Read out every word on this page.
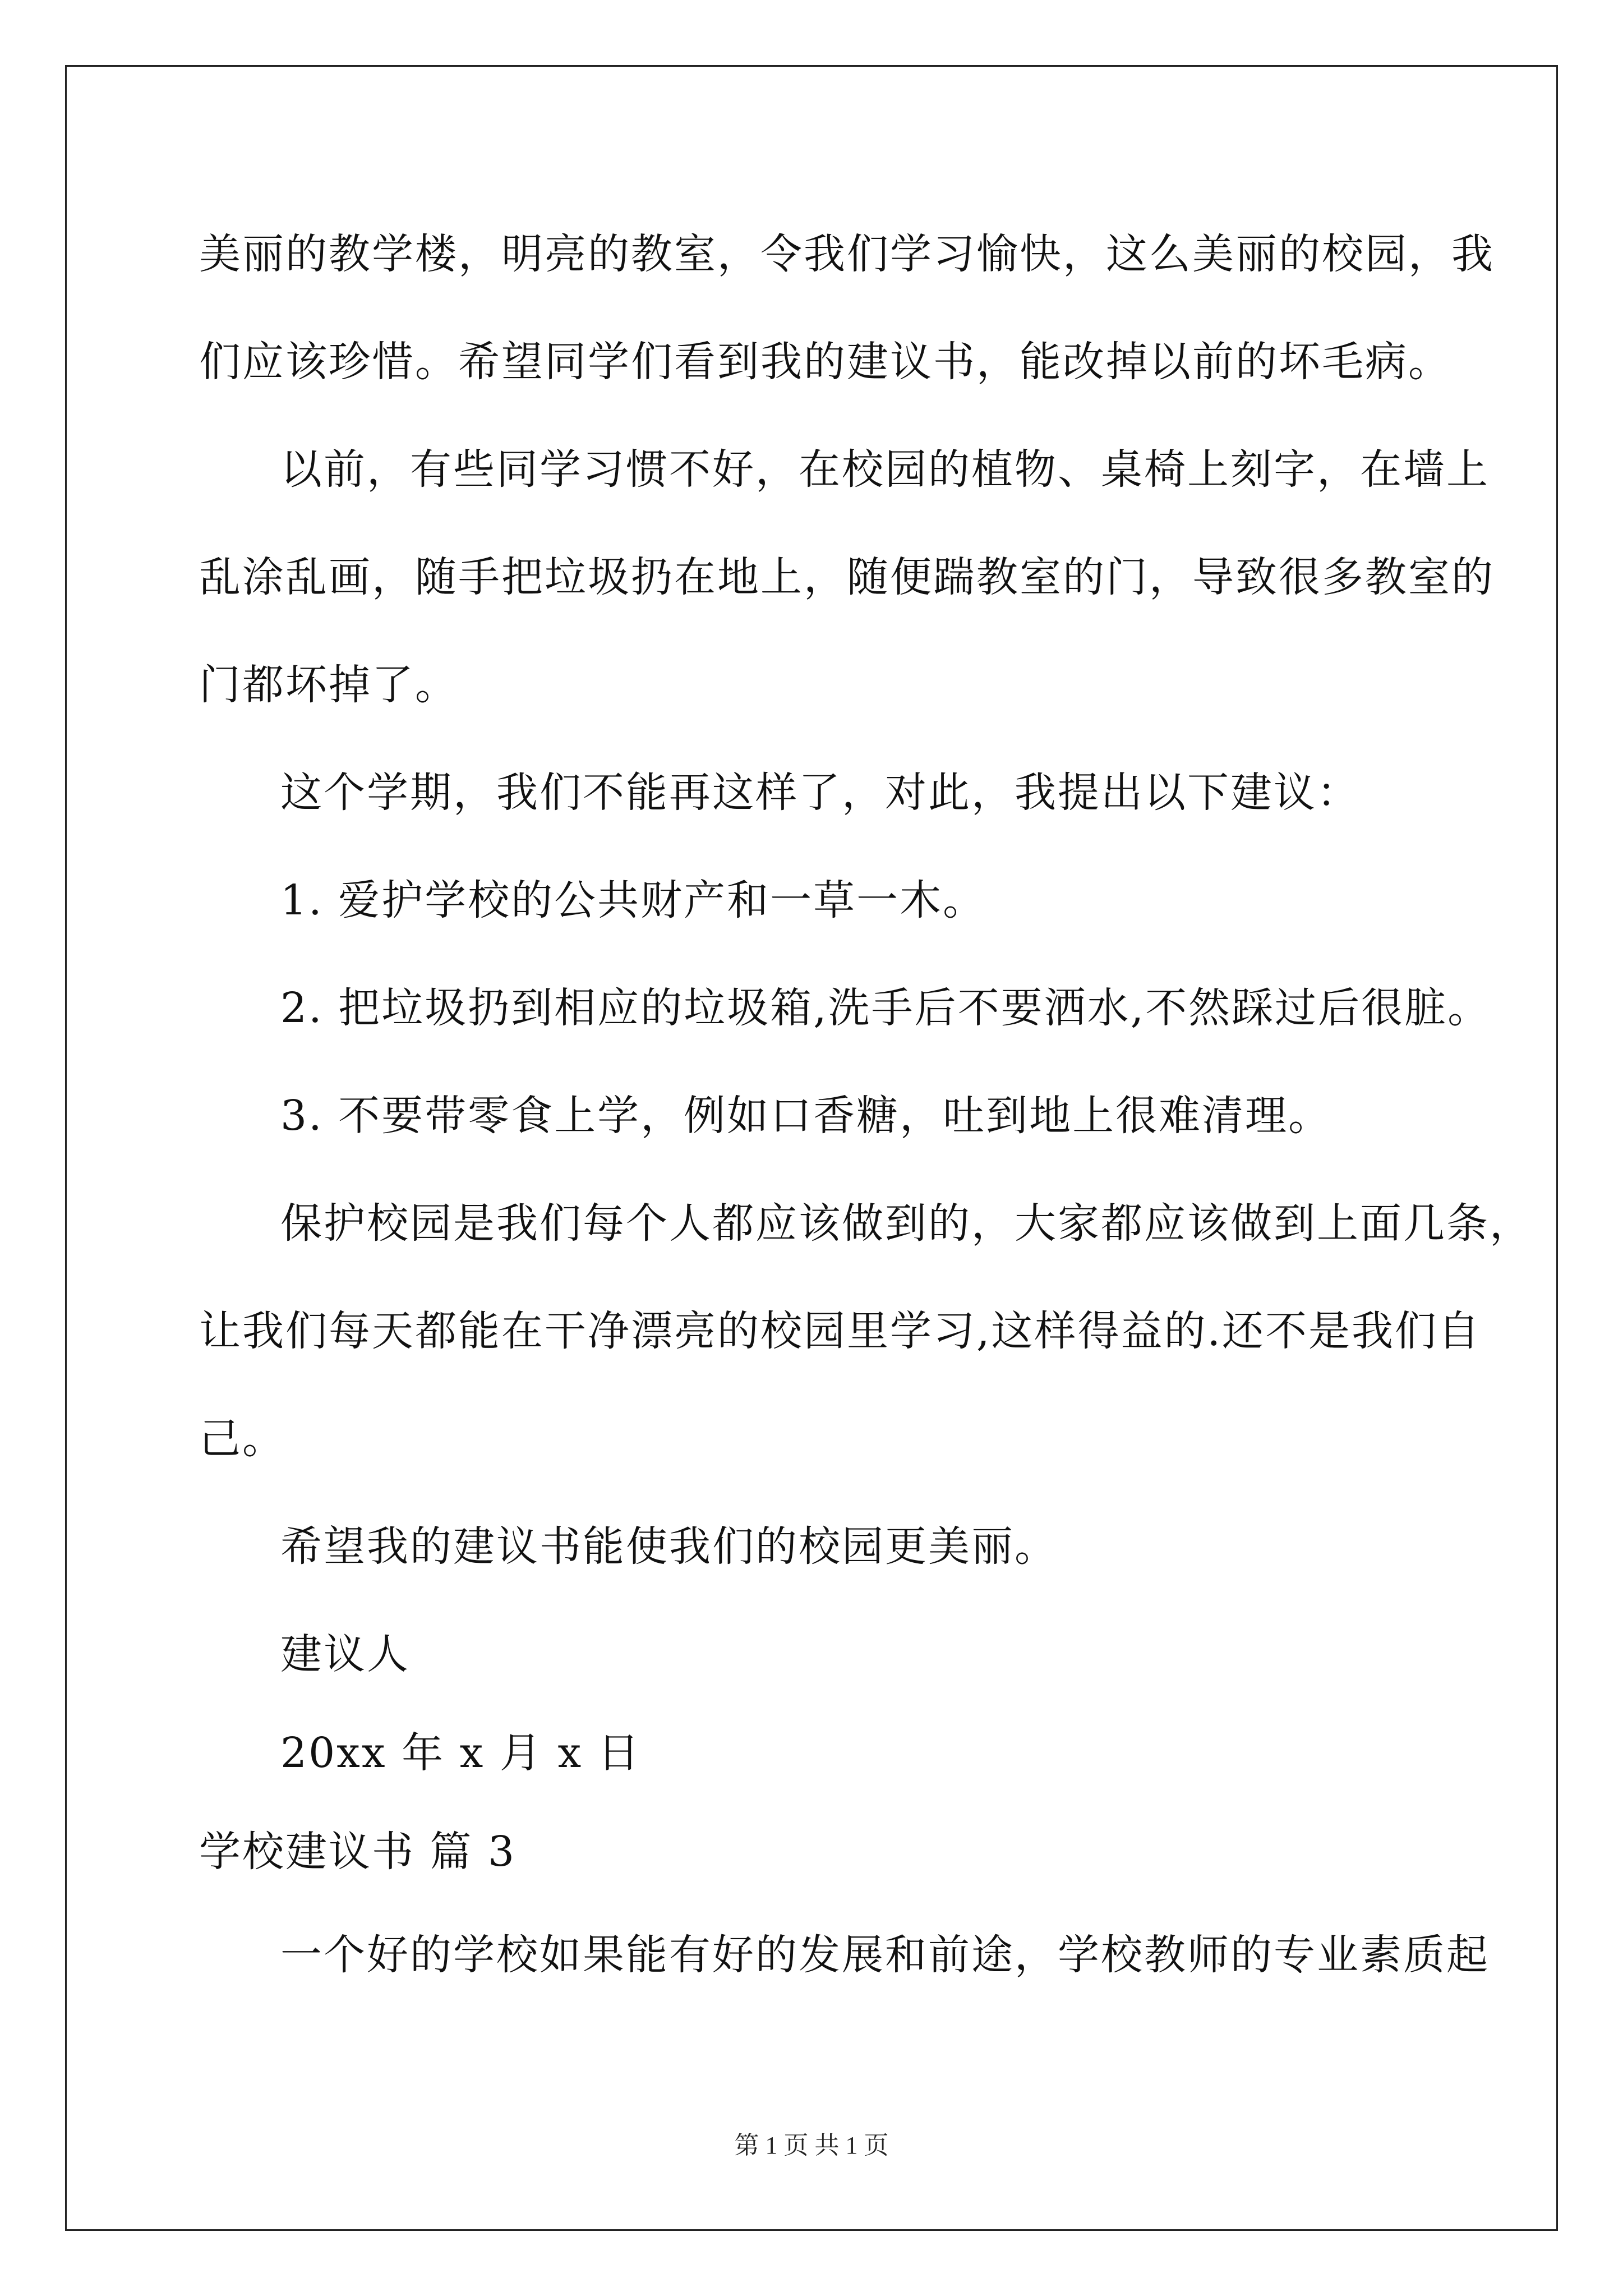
美丽的教学楼，明亮的教室，令我们学习愉快，这么美丽的校园，我

们应该珍惜。希望同学们看到我的建议书，能改掉以前的坏毛病。

以前，有些同学习惯不好，在校园的植物、桌椅上刻字，在墙上

乱涂乱画，随手把垃圾扔在地上，随便踹教室的门，导致很多教室的

门都坏掉了。

这个学期，我们不能再这样了，对此，我提出以下建议：

1. 爱护学校的公共财产和一草一木。

2. 把垃圾扔到相应的垃圾箱,洗手后不要洒水,不然踩过后很脏。

3. 不要带零食上学，例如口香糖，吐到地上很难清理。

保护校园是我们每个人都应该做到的，大家都应该做到上面几条，

让我们每天都能在干净漂亮的校园里学习,这样得益的.还不是我们自

己。

希望我的建议书能使我们的校园更美丽。

建议人

20xx 年 x 月 x 日

学校建议书 篇 3

一个好的学校如果能有好的发展和前途，学校教师的专业素质起

第 1 页 共 1 页
